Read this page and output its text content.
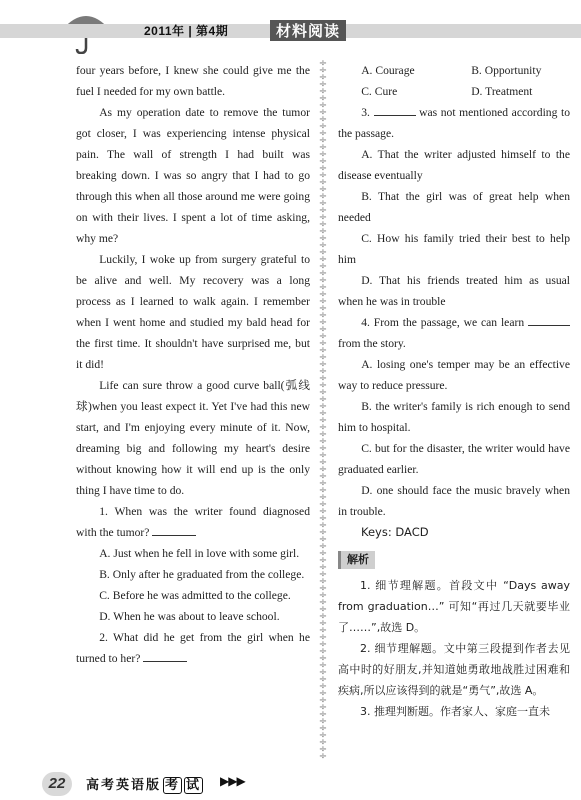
2011年 | 第4期	材料阅读

four years before, I knew she could give me the fuel I needed for my own battle.

As my operation date to remove the tumor got closer, I was experiencing intense physical pain. The wall of strength I had built was breaking down. I was so angry that I had to go through this when all those around me were going on with their lives. I spent a lot of time asking, why me?

Luckily, I woke up from surgery grateful to be alive and well. My recovery was a long process as I learned to walk again. I remember when I went home and studied my bald head for the first time. It shouldn't have surprised me, but it did!

Life can sure throw a good curve ball(弧线球)when you least expect it. Yet I've had this new start, and I'm enjoying every minute of it. Now, dreaming big and following my heart's desire without knowing how it will end up is the only thing I have time to do.

1. When was the writer found diagnosed with the tumor?

A. Just when he fell in love with some girl.

B. Only after he graduated from the college.

C. Before he was admitted to the college.

D. When he was about to leave school.

2. What did he get from the girl when he turned to her?

÷
÷
÷
÷
÷
÷
÷
÷
÷
÷
÷
÷
÷
÷
÷
÷
÷
÷
÷
÷
÷
÷
÷
÷
÷
÷
÷
÷
÷
÷
÷
÷
÷
÷
÷
÷
÷
÷
÷
÷
÷
÷
÷
÷
÷
÷
÷
÷
÷
÷
÷
÷
÷
÷
÷
÷
÷
÷
÷
÷
÷
÷
÷
÷
÷
÷
÷
÷
÷
÷
÷
÷
÷
÷
÷
÷
÷
÷
÷
÷
÷
÷
÷
÷
÷
÷
÷
÷
÷
÷
÷
÷
÷
÷
÷
÷
÷
÷
÷
÷

A. Courage	B. Opportunity
C. Cure	D. Treatment

3.	was not mentioned according to the passage.

A. That the writer adjusted himself to the disease eventually

B. That the girl was of great help when needed

C. How his family tried their best to help him

D. That his friends treated him as usual when he was in trouble

4. From the passage, we can learn  from the story.

A. losing one's temper may be an effective way to reduce pressure.

B. the writer's family is rich enough to send him to hospital.

C. but for the disaster, the writer would have graduated earlier.

D. one should face the music bravely when in trouble.

Keys: DACD

解析

1. 细节理解题。首段文中 “Days away from graduation…” 可知“再过几天就要毕业了……”,故选 D。

2. 细节理解题。文中第三段提到作者去见高中时的好朋友,并知道她勇敢地战胜过困难和疾病,所以应该得到的就是“勇气”,故选 A。

3. 推理判断题。作者家人、家庭一直未

22	高考英语版 考 试 ▶▶▶
